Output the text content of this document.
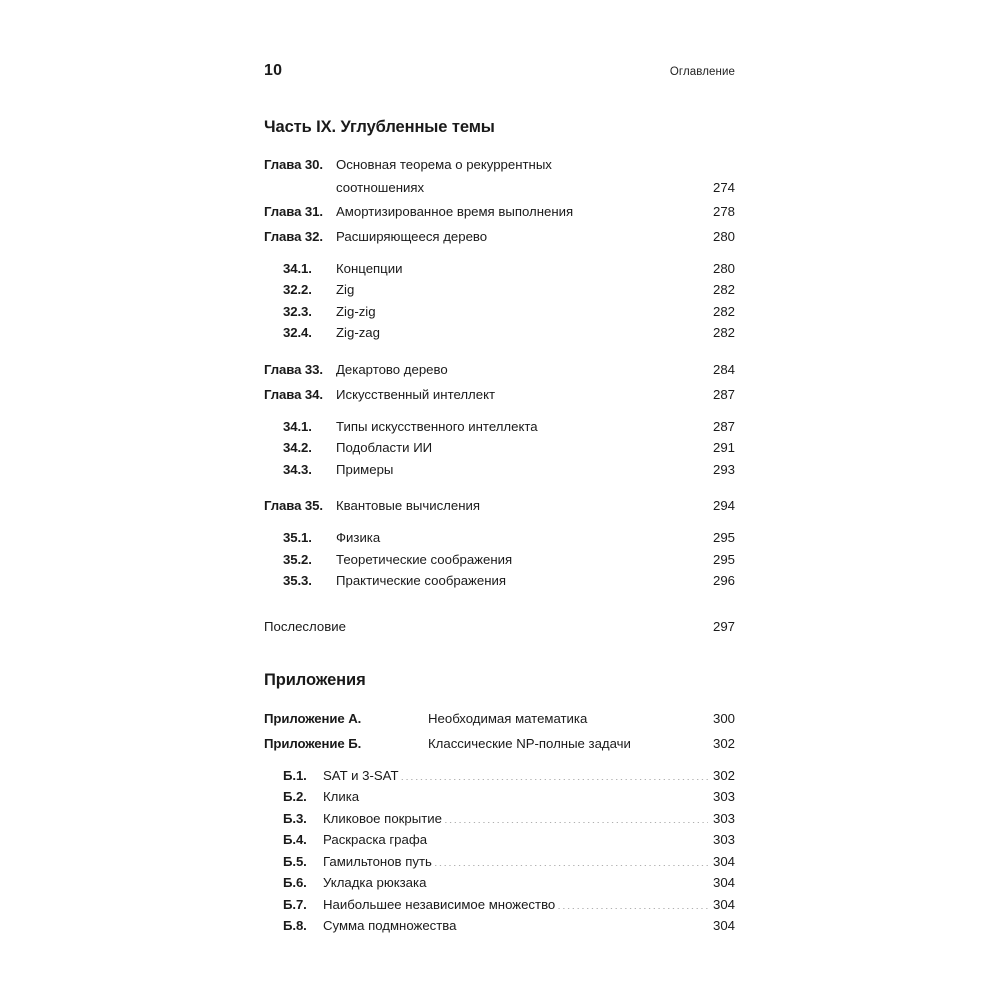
10	Оглавление
Часть IX. Углубленные темы
Глава 30. Основная теорема о рекуррентных
соотношениях .....	274
Глава 31. Амортизированное время выполнения .....	278
Глава 32. Расширяющееся дерево .....	280
34.1.	Концепции .....	280
32.2.	Zig .....	282
32.3.	Zig-zig .....	282
32.4.	Zig-zag .....	282
Глава 33. Декартово дерево .....	284
Глава 34. Искусственный интеллект .....	287
34.1.	Типы искусственного интеллекта .....	287
34.2.	Подобласти ИИ .....	291
34.3.	Примеры .....	293
Глава 35. Квантовые вычисления .....	294
35.1.	Физика .....	295
35.2.	Теоретические соображения .....	295
35.3.	Практические соображения .....	296
Послесловие .....	297
Приложения
Приложение А.	Необходимая математика .....	300
Приложение Б.	Классические NP-полные задачи .....	302
Б.1.	SAT и 3-SAT .....	302
Б.2.	Клика .....	303
Б.3.	Кликовое покрытие .....	303
Б.4.	Раскраска графа .....	303
Б.5.	Гамильтонов путь .....	304
Б.6.	Укладка рюкзака .....	304
Б.7.	Наибольшее независимое множество .....	304
Б.8.	Сумма подмножества .....	304
